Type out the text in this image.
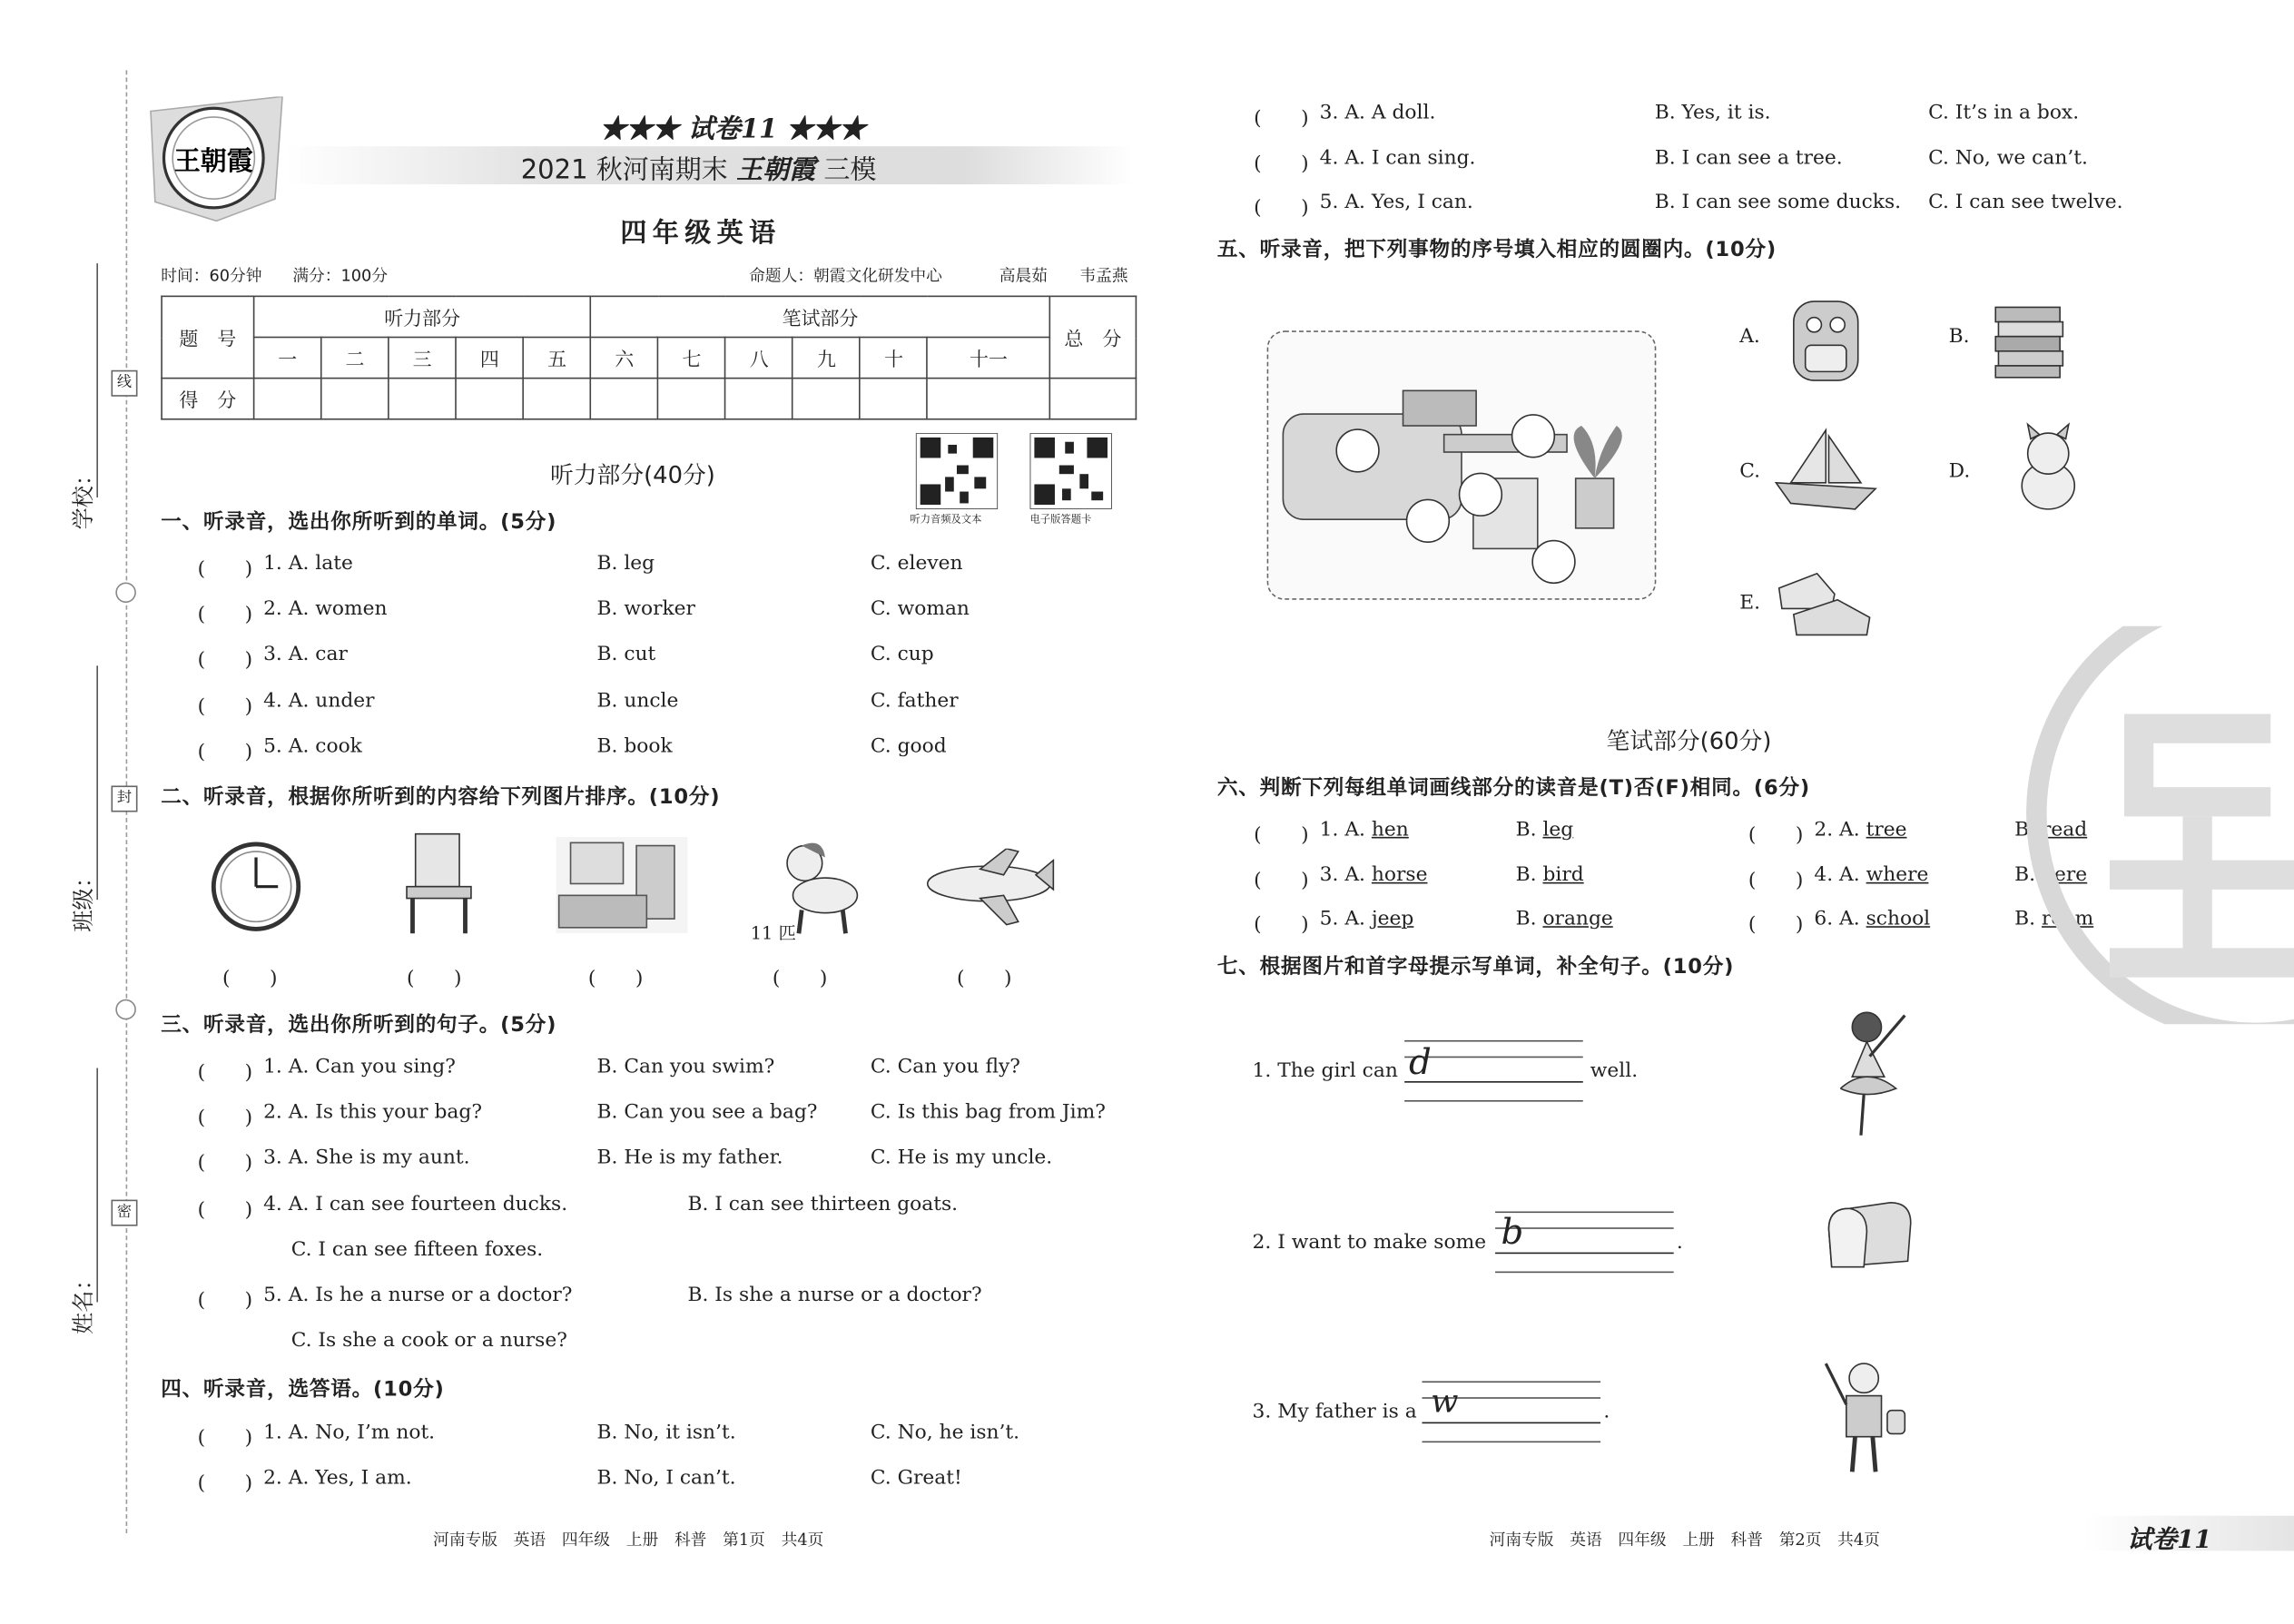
学校：
班级：
姓名：
线
封
密
王朝霞
★★★ 试卷11 ★★★
2021 秋河南期末 王朝霞 三模
四年级英语
时间：60分钟	满分：100分	命题人：朝霞文化研发中心	高晨茹	韦孟燕
题　号	听力部分					笔试部分						总　分
	一	二	三	四	五	六	七	八	九	十	十一	
得　分												
听力部分(40分)
听力音频及文本	电子版答题卡
一、听录音，选出你所听到的单词。(5分)
(　　) 1. A. late	B. leg	C. eleven
(　　) 2. A. women	B. worker	C. woman
(　　) 3. A. car	B. cut	C. cup
(　　) 4. A. under	B. uncle	C. father
(　　) 5. A. cook	B. book	C. good
二、听录音，根据你所听到的内容给下列图片排序。(10分)
11 匹
(　　)	(　　)	(　　)	(　　)	(　　)
三、听录音，选出你所听到的句子。(5分)
(　　) 1. A. Can you sing?	B. Can you swim?	C. Can you fly?
(　　) 2. A. Is this your bag?	B. Can you see a bag?	C. Is this bag from Jim?
(　　) 3. A. She is my aunt.	B. He is my father.	C. He is my uncle.
(　　) 4. A. I can see fourteen ducks.	B. I can see thirteen goats.
C. I can see fifteen foxes.
(　　) 5. A. Is he a nurse or a doctor?	B. Is she a nurse or a doctor?
C. Is she a cook or a nurse?
四、听录音，选答语。(10分)
(　　) 1. A. No, I’m not.	B. No, it isn’t.	C. No, he isn’t.
(　　) 2. A. Yes, I am.	B. No, I can’t.	C. Great!
(　　) 3. A. A doll.	B. Yes, it is.	C. It’s in a box.
(　　) 4. A. I can sing.	B. I can see a tree.	C. No, we can’t.
(　　) 5. A. Yes, I can.	B. I can see some ducks. C. I can see twelve.
五、听录音，把下列事物的序号填入相应的圆圈内。(10分)
A.	B.
C.	D.
E.
笔试部分(60分)
六、判断下列每组单词画线部分的读音是(T)否(F)相同。(6分)
(　　) 1. A. hen	B. leg	(　　) 2. A. tree	B. read
(　　) 3. A. horse	B. bird	(　　) 4. A. where	B. here
(　　) 5. A. jeep	B. orange	(　　) 6. A. school	B. room
七、根据图片和首字母提示写单词，补全句子。(10分)
1. The girl can d	well.
2. I want to make some b	.
3. My father is a w	.
河南专版　英语　四年级　上册　科普　第1页　共4页	河南专版　英语　四年级　上册　科普　第2页　共4页	试卷11
